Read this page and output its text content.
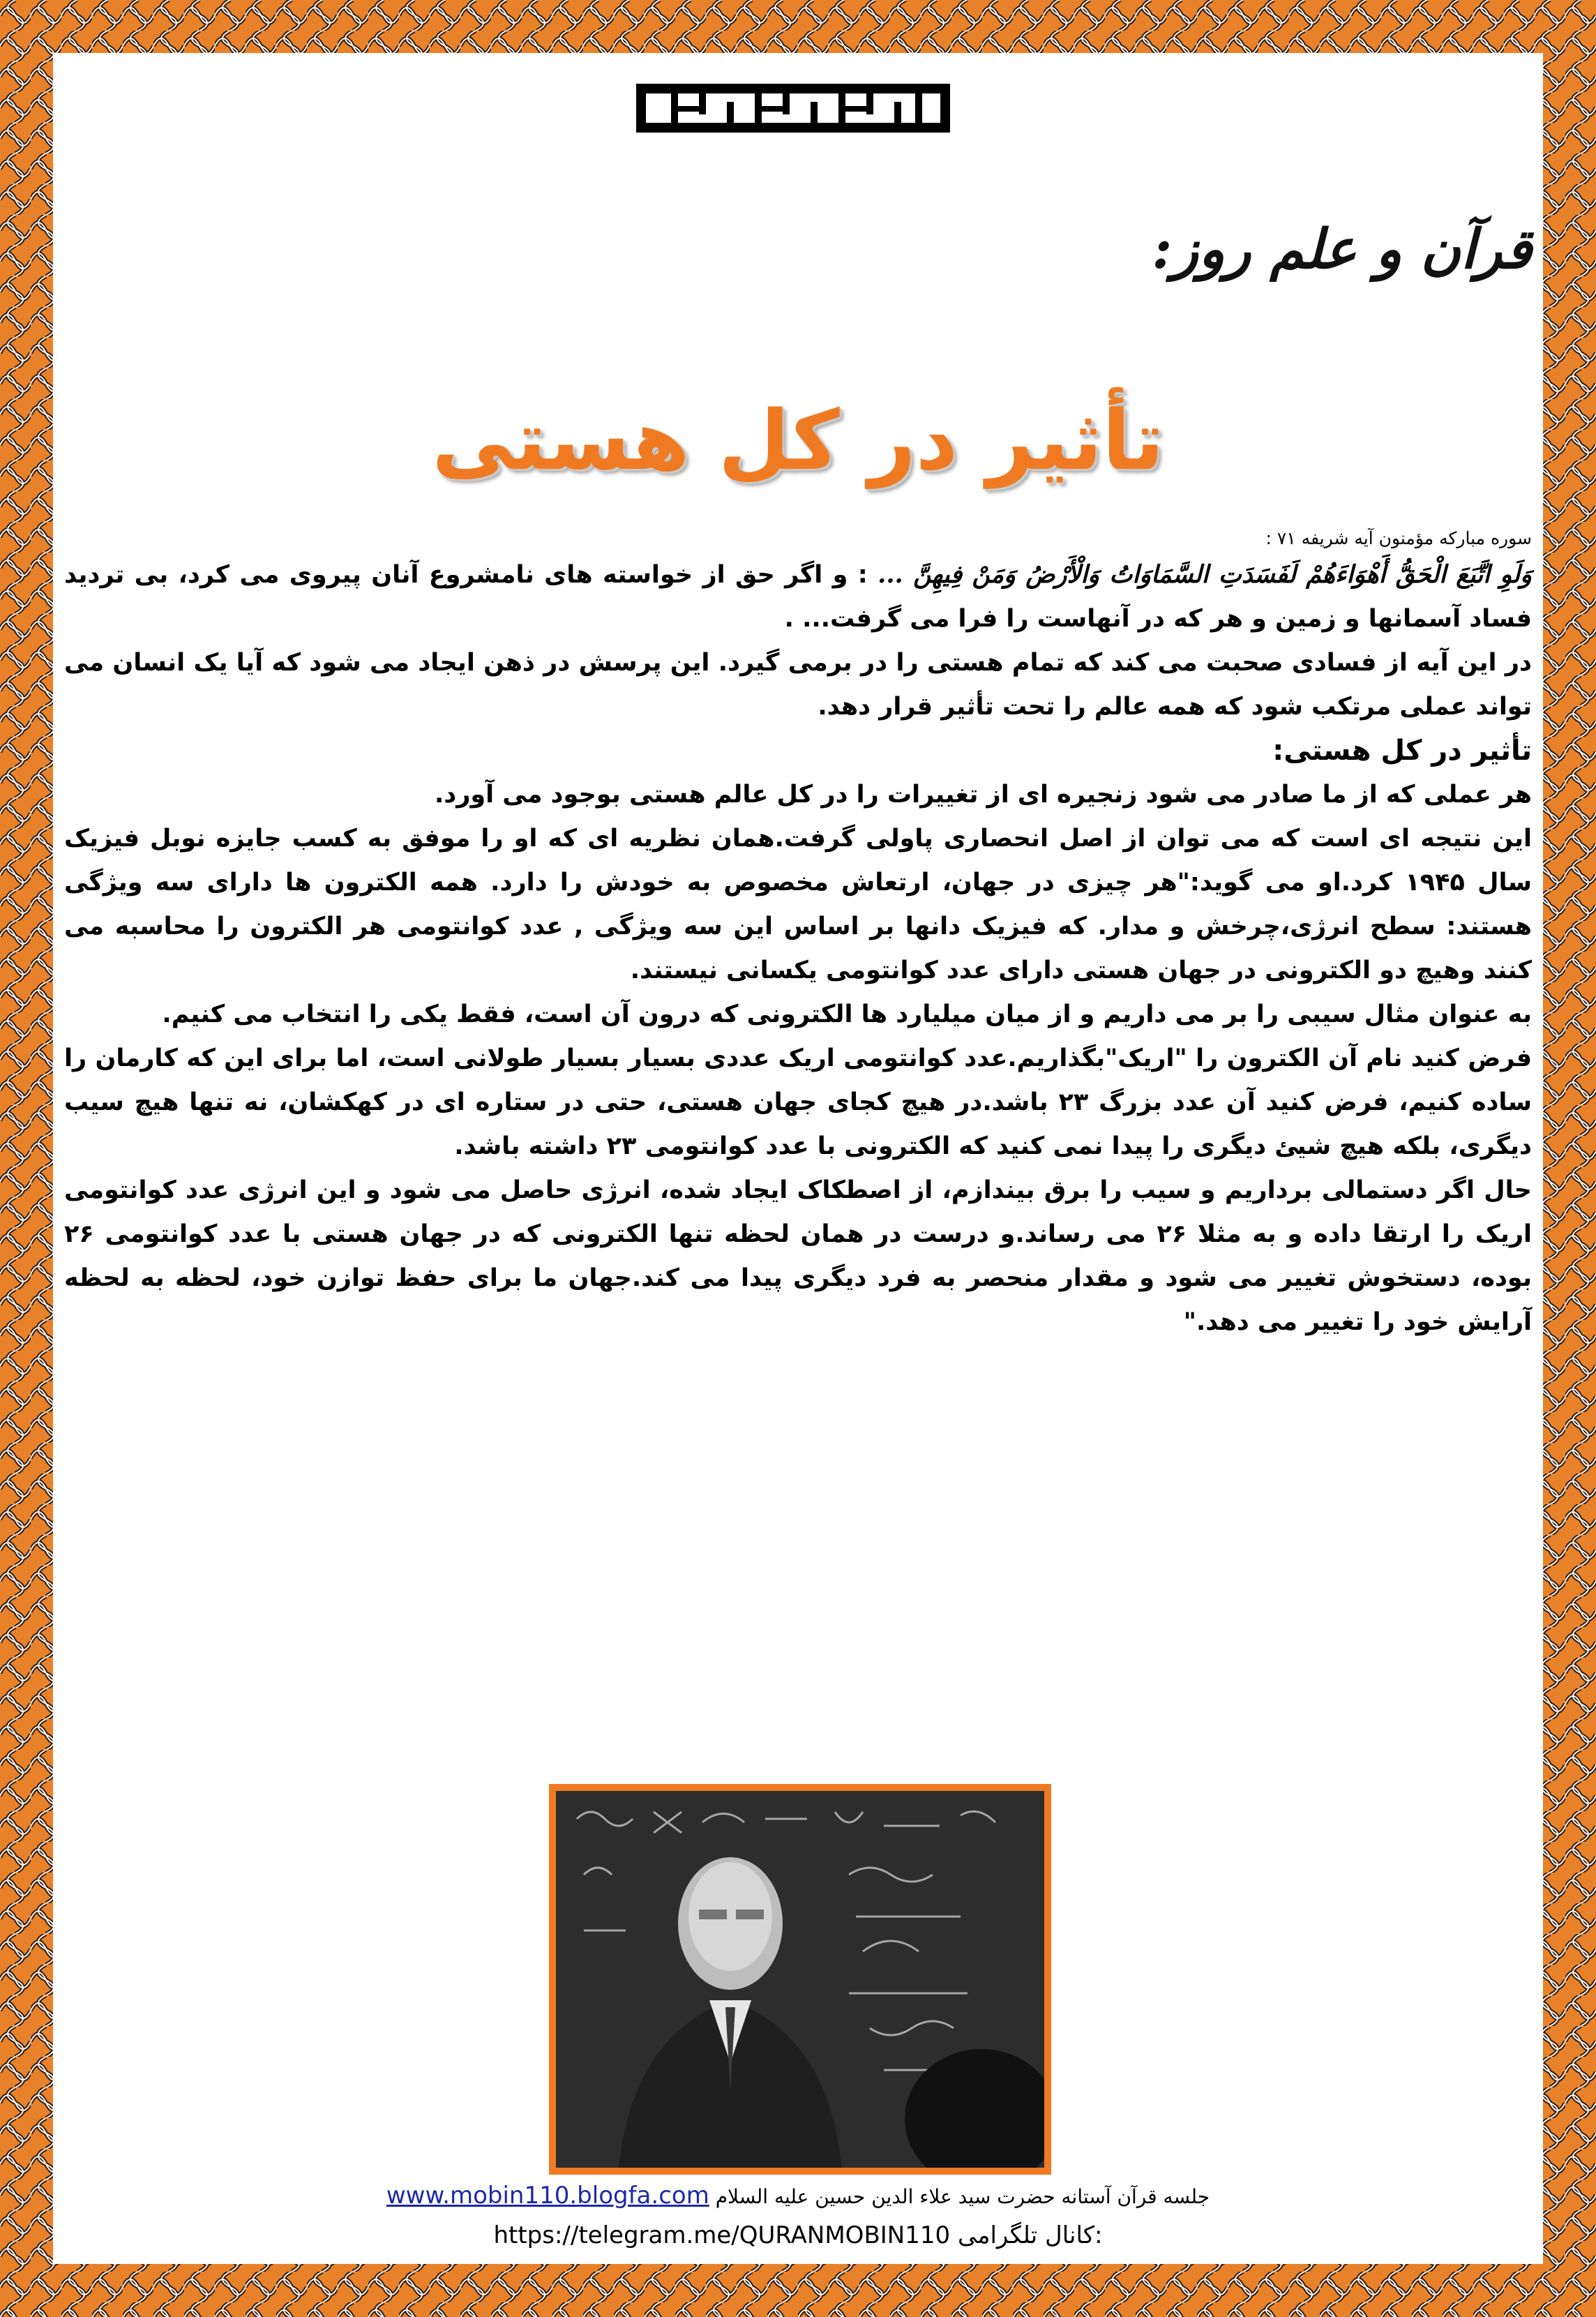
بسم الله الرحمن الرحیم
قرآن و علم روز:
تأثیر در کل هستی

سوره مبارکه مؤمنون آیه شریفه ۷۱ :

وَلَوِ اتَّبَعَ الْحَقُّ أَهْوَاءَهُمْ لَفَسَدَتِ السَّمَاوَاتُ وَالْأَرْضُ وَمَنْ فِيهِنَّ ... : و اگر حق از خواسته های نامشروع آنان پیروی می کرد، بی تردید فساد آسمانها و زمین و هر که در آنهاست را فرا می گرفت... .

در این آیه از فسادی صحبت می کند که تمام هستی را در برمی گیرد. این پرسش در ذهن ایجاد می شود که آیا یک انسان می تواند عملی مرتکب شود که همه عالم را تحت تأثیر قرار دهد.

تأثیر در کل هستی:

هر عملی که از ما صادر می شود زنجیره ای از تغییرات را در کل عالم هستی بوجود می آورد.

این نتیجه ای است که می توان از اصل انحصاری پاولی گرفت.همان نظریه ای که او را موفق به کسب جایزه نوبل فیزیک سال ۱۹۴۵ کرد.او می گوید:"هر چیزی در جهان، ارتعاش مخصوص به خودش را دارد. همه الکترون ها دارای سه ویژگی هستند: سطح انرژی،چرخش و مدار. که فیزیک دانها بر اساس این سه ویژگی , عدد کوانتومی هر الکترون را محاسبه می کنند وهیچ دو الکترونی در جهان هستی دارای عدد کوانتومی یکسانی نیستند.

به عنوان مثال سیبی را بر می داریم و از میان میلیارد ها الکترونی که درون آن است، فقط یکی را انتخاب می کنیم.

فرض کنید نام آن الکترون را "اریک"بگذاریم.عدد کوانتومی اریک عددی بسیار بسیار طولانی است، اما برای این که کارمان را ساده کنیم، فرض کنید آن عدد بزرگ ۲۳ باشد.در هیچ کجای جهان هستی، حتی در ستاره ای در کهکشان، نه تنها هیچ سیب دیگری، بلکه هیچ شیئ دیگری را پیدا نمی کنید که الکترونی با عدد کوانتومی ۲۳ داشته باشد.

حال اگر دستمالی برداریم و سیب را برق بیندازم، از اصطکاک ایجاد شده، انرژی حاصل می شود و این انرژی عدد کوانتومی اریک را ارتقا داده و به مثلا ۲۶ می رساند.و درست در همان لحظه تنها الکترونی که در جهان هستی با عدد کوانتومی ۲۶ بوده، دستخوش تغییر می شود و مقدار منحصر به فرد دیگری پیدا می کند.جهان ما برای حفظ توازن خود، لحظه به لحظه آرایش خود را تغییر می دهد."

www.mobin110.blogfa.com جلسه قرآن آستانه حضرت سید علاء الدین حسین علیه السلام
https://telegram.me/QURANMOBIN110 کانال تلگرامی:
